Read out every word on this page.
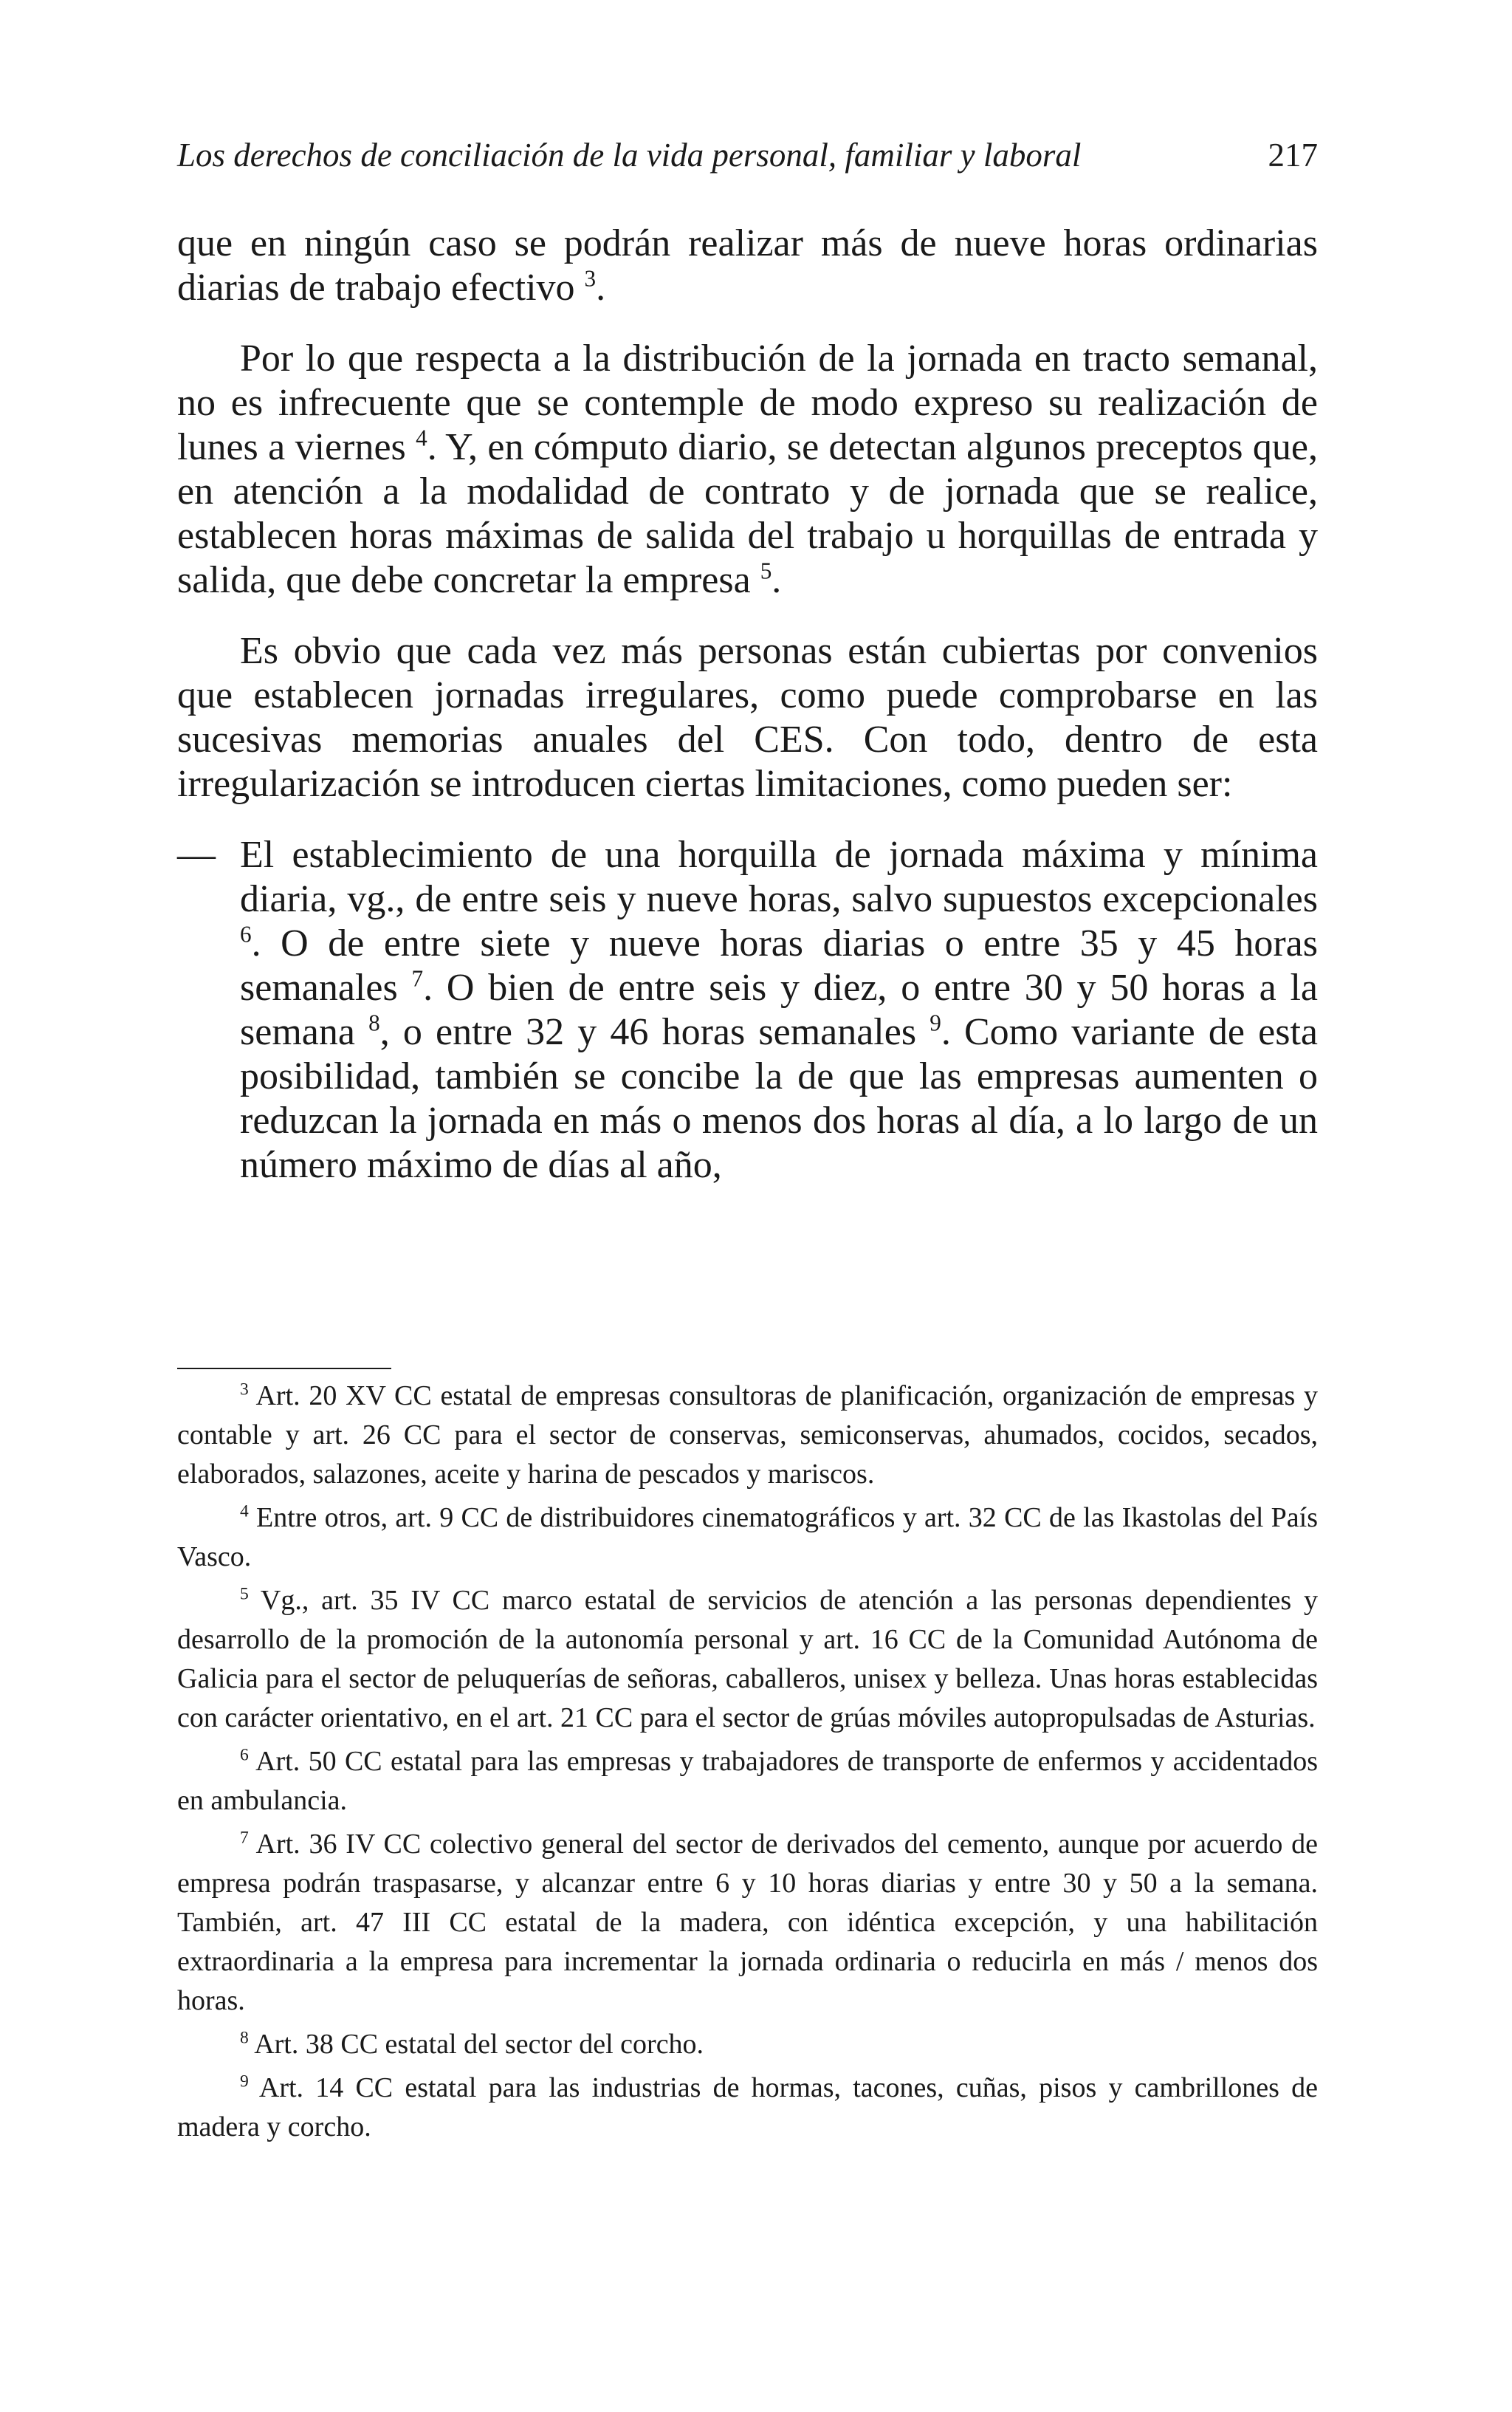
Los derechos de conciliación de la vida personal, familiar y laboral	217

que en ningún caso se podrán realizar más de nueve horas ordinarias diarias de trabajo efectivo $^3$.

Por lo que respecta a la distribución de la jornada en tracto semanal, no es infrecuente que se contemple de modo expreso su realización de lunes a viernes $^4$. Y, en cómputo diario, se detectan algunos preceptos que, en atención a la modalidad de contrato y de jornada que se realice, establecen horas máximas de salida del trabajo u horquillas de entrada y salida, que debe concretar la empresa $^5$.

Es obvio que cada vez más personas están cubiertas por convenios que establecen jornadas irregulares, como puede comprobarse en las sucesivas memorias anuales del CES. Con todo, dentro de esta irregularización se introducen ciertas limitaciones, como pueden ser:

— El establecimiento de una horquilla de jornada máxima y mínima diaria, vg., de entre seis y nueve horas, salvo supuestos excepcionales $^6$. O de entre siete y nueve horas diarias o entre 35 y 45 horas semanales $^7$. O bien de entre seis y diez, o entre 30 y 50 horas a la semana $^8$, o entre 32 y 46 horas semanales $^9$. Como variante de esta posibilidad, también se concibe la de que las empresas aumenten o reduzcan la jornada en más o menos dos horas al día, a lo largo de un número máximo de días al año,

$^3$ Art. 20 XV CC estatal de empresas consultoras de planificación, organización de empresas y contable y art. 26 CC para el sector de conservas, semiconservas, ahumados, cocidos, secados, elaborados, salazones, aceite y harina de pescados y mariscos.

$^4$ Entre otros, art. 9 CC de distribuidores cinematográficos y art. 32 CC de las Ikastolas del País Vasco.

$^5$ Vg., art. 35 IV CC marco estatal de servicios de atención a las personas dependientes y desarrollo de la promoción de la autonomía personal y art. 16 CC de la Comunidad Autónoma de Galicia para el sector de peluquerías de señoras, caballeros, unisex y belleza. Unas horas establecidas con carácter orientativo, en el art. 21 CC para el sector de grúas móviles autopropulsadas de Asturias.

$^6$ Art. 50 CC estatal para las empresas y trabajadores de transporte de enfermos y accidentados en ambulancia.

$^7$ Art. 36 IV CC colectivo general del sector de derivados del cemento, aunque por acuerdo de empresa podrán traspasarse, y alcanzar entre 6 y 10 horas diarias y entre 30 y 50 a la semana. También, art. 47 III CC estatal de la madera, con idéntica excepción, y una habilitación extraordinaria a la empresa para incrementar la jornada ordinaria o reducirla en más / menos dos horas.

$^8$ Art. 38 CC estatal del sector del corcho.

$^9$ Art. 14 CC estatal para las industrias de hormas, tacones, cuñas, pisos y cambrillones de madera y corcho.
